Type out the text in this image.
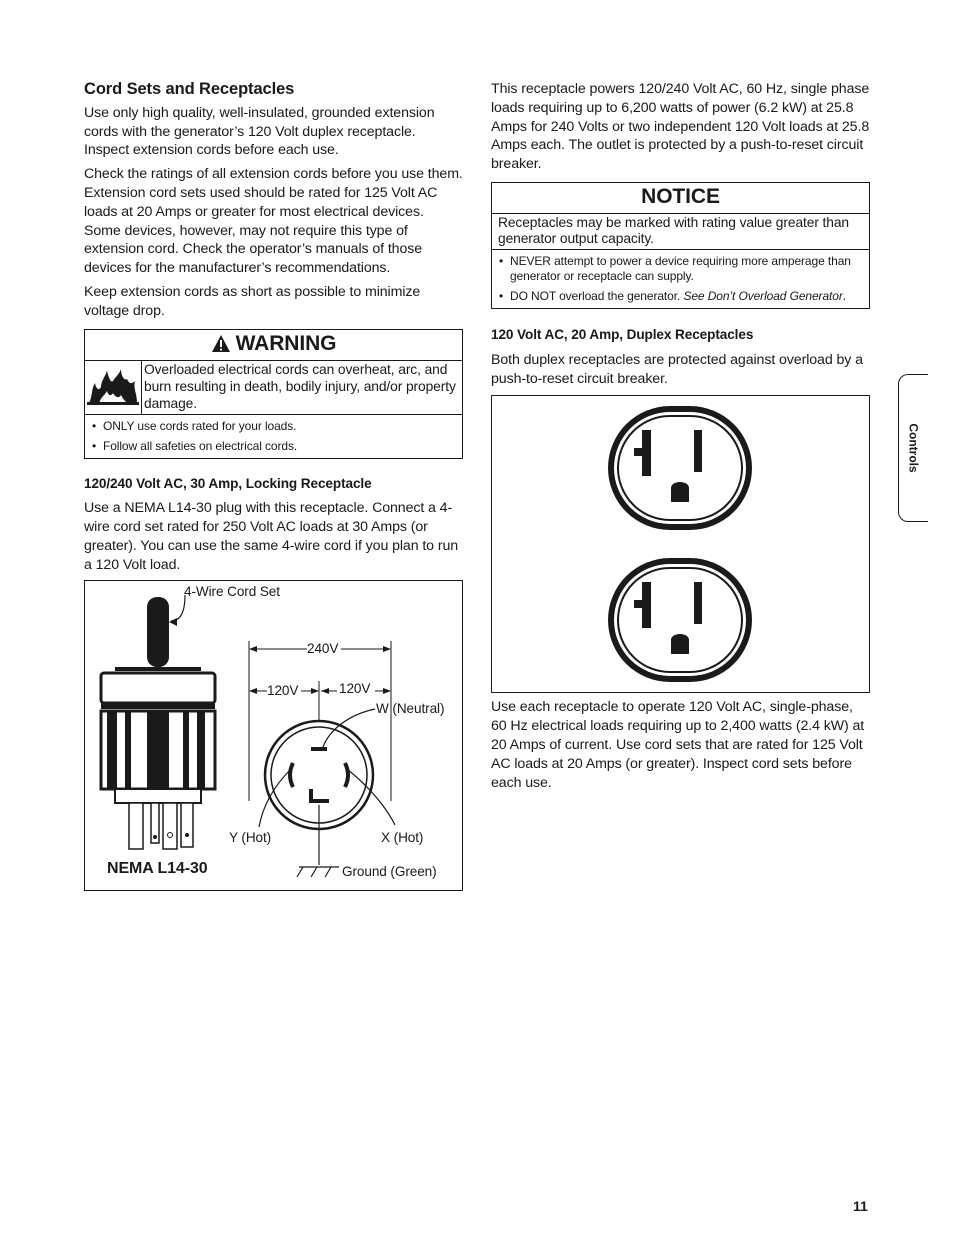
Cord Sets and Receptacles

Use only high quality, well-insulated, grounded extension cords with the generator’s 120 Volt duplex receptacle. Inspect extension cords before each use.

Check the ratings of all extension cords before you use them. Extension cord sets used should be rated for 125 Volt AC loads at 20 Amps or greater for most electrical devices. Some devices, however, may not require this type of extension cord. Check the operator’s manuals of those devices for the manufacturer’s recommendations.

Keep extension cords as short as possible to minimize voltage drop.

WARNING
Overloaded electrical cords can overheat, arc, and burn resulting in death, bodily injury, and/or property damage.
• ONLY use cords rated for your loads.
• Follow all safeties on electrical cords.
120/240 Volt AC, 30 Amp, Locking Receptacle

Use a NEMA L14-30 plug with this receptacle. Connect a 4-wire cord set rated for 250 Volt AC loads at 30 Amps (or greater). You can use the same 4-wire cord if you plan to run a 120 Volt load.

4-Wire Cord Set
240V
120V	120V
W (Neutral)
Y (Hot)	X (Hot)
Ground (Green)
NEMA L14-30

This receptacle powers 120/240 Volt AC, 60 Hz, single phase loads requiring up to 6,200 watts of power (6.2 kW) at 25.8 Amps for 240 Volts or two independent 120 Volt loads at 25.8 Amps each. The outlet is protected by a push-to-reset circuit breaker.

NOTICE
Receptacles may be marked with rating value greater than generator output capacity.
• NEVER attempt to power a device requiring more amperage than generator or receptacle can supply.
• DO NOT overload the generator. See Don’t Overload Generator.
120 Volt AC, 20 Amp, Duplex Receptacles

Both duplex receptacles are protected against overload by a push-to-reset circuit breaker.

Use each receptacle to operate 120 Volt AC, single-phase, 60 Hz electrical loads requiring up to 2,400 watts (2.4 kW) at 20 Amps of current. Use cord sets that are rated for 125 Volt AC loads at 20 Amps (or greater). Inspect cord sets before each use.

Controls
11
